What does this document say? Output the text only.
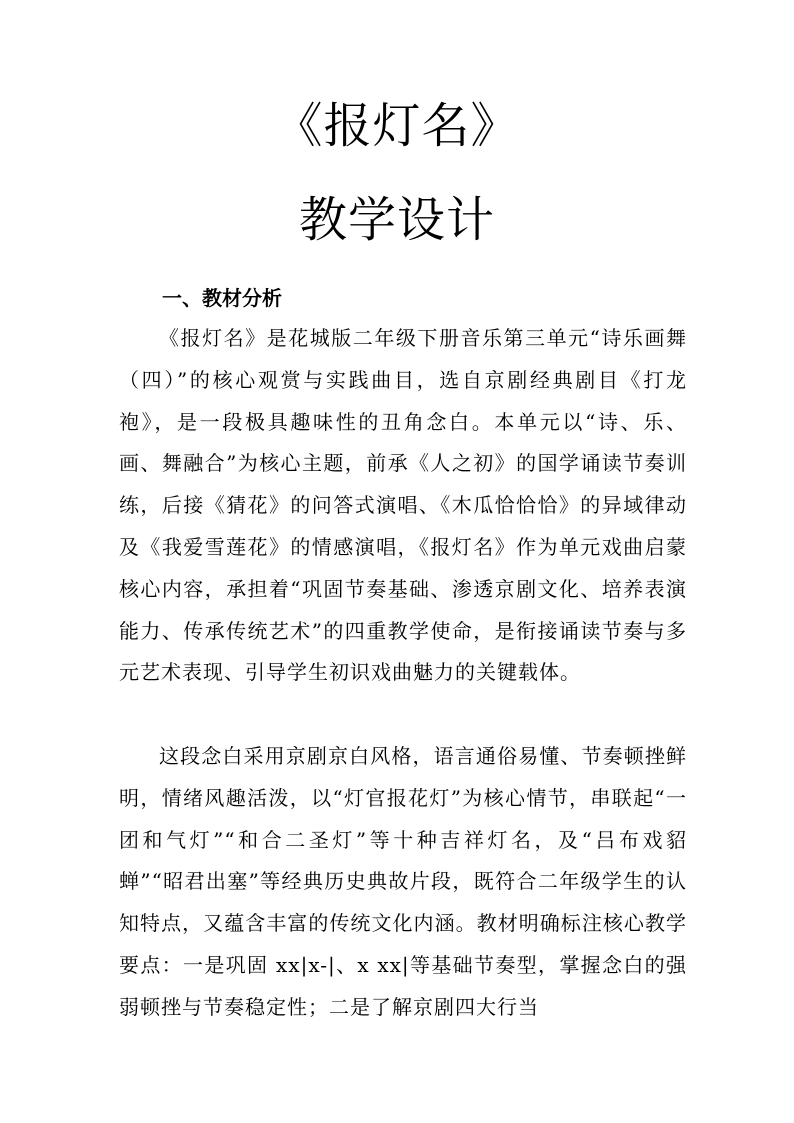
《报灯名》
教学设计
一、教材分析

《报灯名》是花城版二年级下册音乐第三单元“诗乐画舞（四）”的核心观赏与实践曲目，选自京剧经典剧目《打龙袍》，是一段极具趣味性的丑角念白。本单元以“诗、乐、画、舞融合”为核心主题，前承《人之初》的国学诵读节奏训练，后接《猜花》的问答式演唱、《木瓜恰恰恰》的异域律动及《我爱雪莲花》的情感演唱，《报灯名》作为单元戏曲启蒙核心内容，承担着“巩固节奏基础、渗透京剧文化、培养表演能力、传承传统艺术”的四重教学使命，是衔接诵读节奏与多元艺术表现、引导学生初识戏曲魅力的关键载体。

这段念白采用京剧京白风格，语言通俗易懂、节奏顿挫鲜明，情绪风趣活泼，以“灯官报花灯”为核心情节，串联起“一团和气灯”“和合二圣灯”等十种吉祥灯名，及“吕布戏貂蝉”“昭君出塞”等经典历史典故片段，既符合二年级学生的认知特点，又蕴含丰富的传统文化内涵。教材明确标注核心教学要点：一是巩固 xx|x-|、x xx|等基础节奏型，掌握念白的强弱顿挫与节奏稳定性；二是了解京剧四大行当
